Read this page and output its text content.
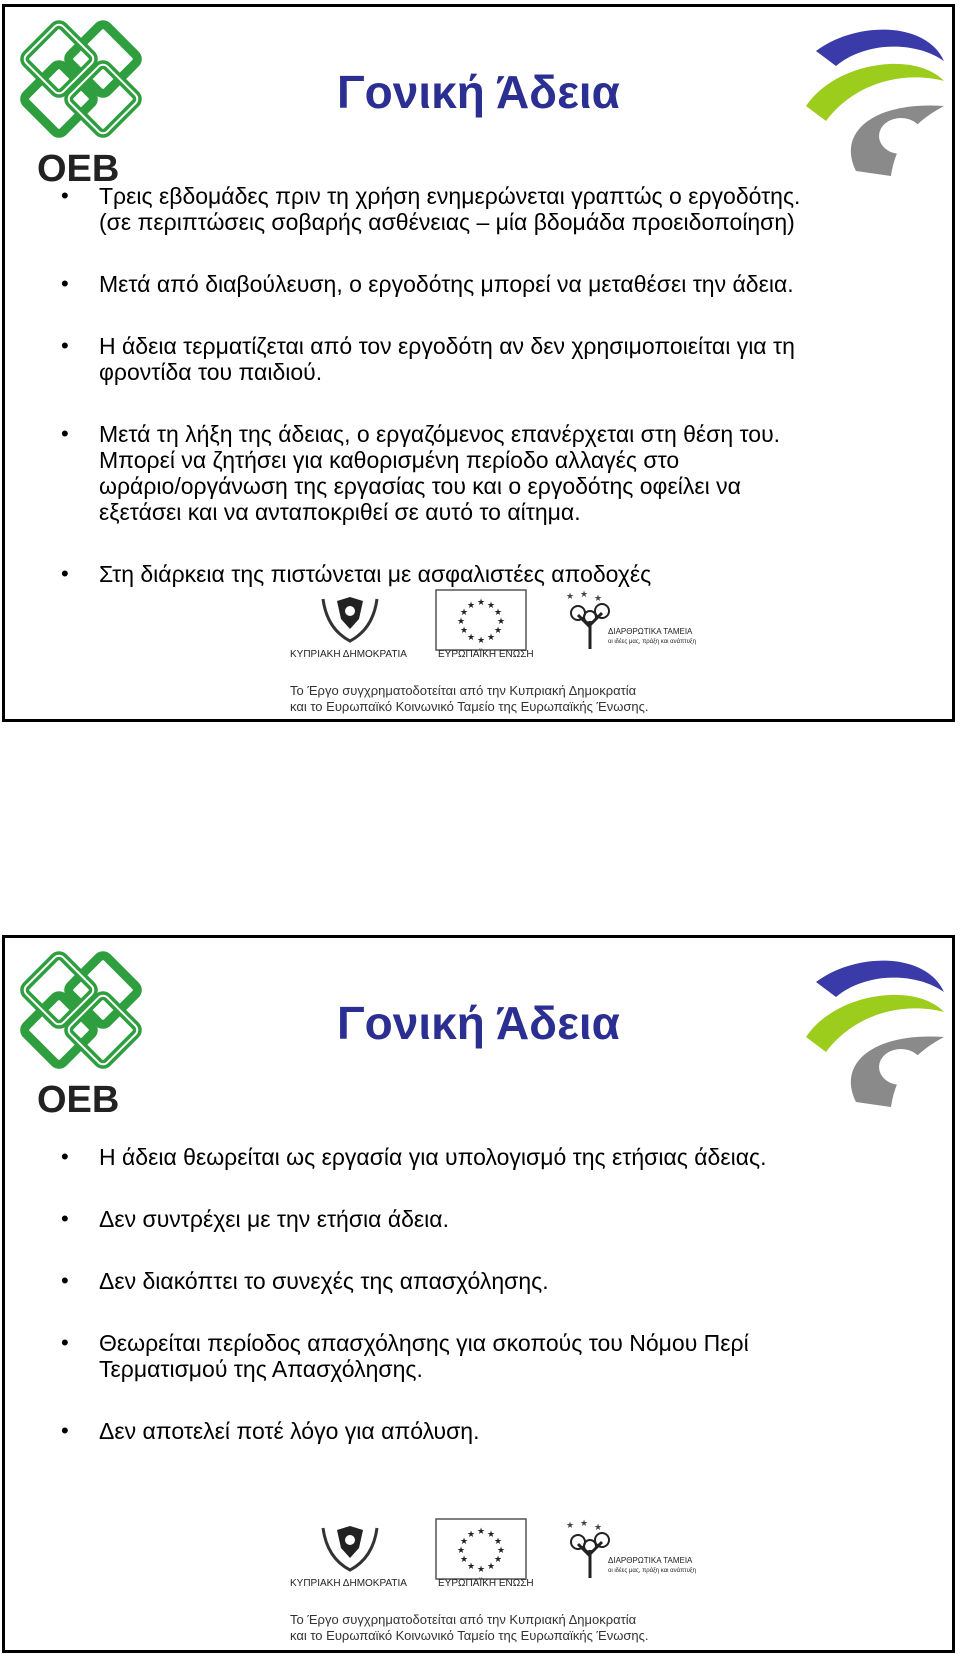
OEB
Γονική Άδεια
• Τρεις εβδομάδες πριν τη χρήση ενημερώνεται γραπτώς ο εργοδότης.
(σε περιπτώσεις σοβαρής ασθένειας – μία βδομάδα προειδοποίηση)
• Μετά από διαβούλευση, ο εργοδότης μπορεί να μεταθέσει την άδεια.
• Η άδεια τερματίζεται από τον εργοδότη αν δεν χρησιμοποιείται για τη
φροντίδα του παιδιού.
• Μετά τη λήξη της άδειας, ο εργαζόμενος επανέρχεται στη θέση του.
Μπορεί να ζητήσει για καθορισμένη περίοδο αλλαγές στο
ωράριο/οργάνωση της εργασίας του και ο εργοδότης οφείλει να
εξετάσει και να ανταποκριθεί σε αυτό το αίτημα.
• Στη διάρκεια της πιστώνεται με ασφαλιστέες αποδοχές
ΚΥΠΡΙΑΚΗ ΔΗΜΟΚΡΑΤΙΑ
★ ★
★
★
★
★
★
★
★
★
★
★
ΕΥΡΩΠΑΪΚΗ ΕΝΩΣΗ
★ ★ ★
ΔΙΑΡΘΡΩΤΙΚΑ ΤΑΜΕΙΑ
οι ιδέες μας, πράξη και ανάπτυξη
Το Έργο συγχρηματοδοτείται από την Κυπριακή Δημοκρατία
και το Ευρωπαϊκό Κοινωνικό Ταμείο της Ευρωπαϊκής Ένωσης.
OEB
Γονική Άδεια
• Η άδεια θεωρείται ως εργασία για υπολογισμό της ετήσιας άδειας.
• Δεν συντρέχει με την ετήσια άδεια.
• Δεν διακόπτει το συνεχές της απασχόλησης.
• Θεωρείται περίοδος απασχόλησης για σκοπούς του Νόμου Περί
Τερματισμού της Απασχόλησης.
• Δεν αποτελεί ποτέ λόγο για απόλυση.
ΚΥΠΡΙΑΚΗ ΔΗΜΟΚΡΑΤΙΑ
★ ★
★
★
★
★
★
★
★
★
★
★
ΕΥΡΩΠΑΪΚΗ ΕΝΩΣΗ
★ ★ ★
ΔΙΑΡΘΡΩΤΙΚΑ ΤΑΜΕΙΑ
οι ιδέες μας, πράξη και ανάπτυξη
Το Έργο συγχρηματοδοτείται από την Κυπριακή Δημοκρατία
και το Ευρωπαϊκό Κοινωνικό Ταμείο της Ευρωπαϊκής Ένωσης.
